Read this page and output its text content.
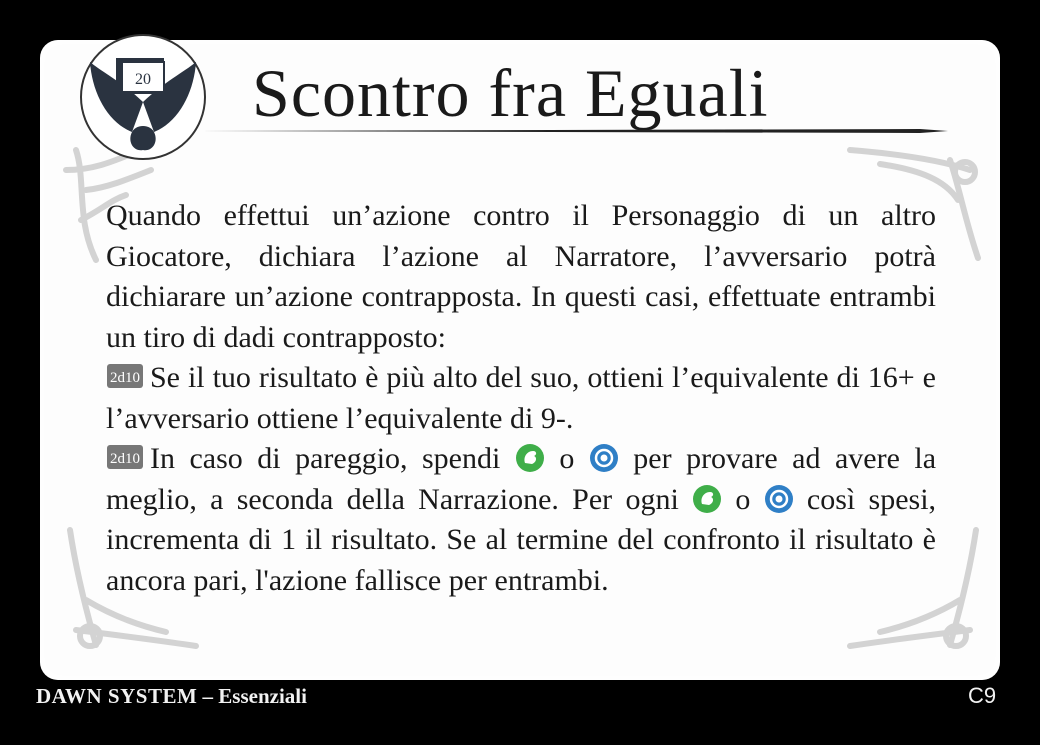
20 Scontro fra Eguali

Quando effettui un’azione contro il Personaggio di un altro Giocatore, dichiara l’azione al Narratore, l’avversario potrà dichiarare un’azione contrapposta. In questi casi, effettuate entrambi un tiro di dadi contrapposto:

2d10 Se il tuo risultato è più alto del suo, ottieni l’equivalente di 16+ e l’avversario ottiene l’equivalente di 9-.

2d10 In caso di pareggio, spendi o per provare ad avere la meglio, a seconda della Narrazione. Per ogni o così spesi, incrementa di 1 il risultato. Se al termine del confronto il risultato è ancora pari, l'azione fallisce per entrambi.

DAWN SYSTEM – Essenziali	C9
